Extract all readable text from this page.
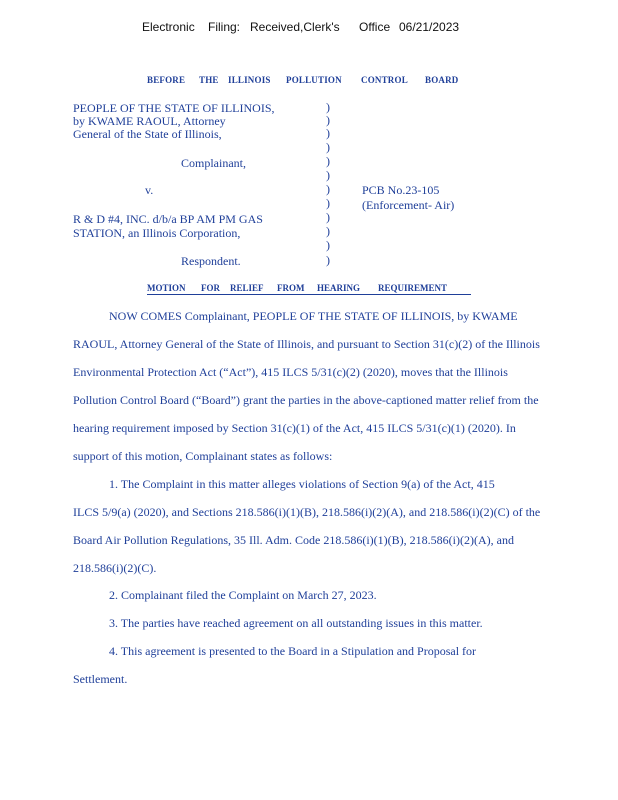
Electronic Filing: Received,Clerk's Office 06/21/2023
BEFORE THE ILLINOIS POLLUTION CONTROL BOARD
PEOPLE OF THE STATE OF ILLINOIS,
by KWAME RAOUL, Attorney
General of the State of Illinois,
Complainant,
v.	PCB No.23-105
(Enforcement- Air)
R & D #4, INC. d/b/a BP AM PM GAS
STATION, an Illinois Corporation,
Respondent.
)
)
)
)
)
)
)
)
)
)
)
)
MOTION FOR RELIEF FROM HEARING REQUIREMENT
NOW COMES Complainant, PEOPLE OF THE STATE OF ILLINOIS, by KWAME
RAOUL, Attorney General of the State of Illinois, and pursuant to Section 31(c)(2) of the Illinois
Environmental Protection Act (“Act”), 415 ILCS 5/31(c)(2) (2020), moves that the Illinois
Pollution Control Board (“Board”) grant the parties in the above-captioned matter relief from the
hearing requirement imposed by Section 31(c)(1) of the Act, 415 ILCS 5/31(c)(1) (2020). In
support of this motion, Complainant states as follows:
1. The Complaint in this matter alleges violations of Section 9(a) of the Act, 415
ILCS 5/9(a) (2020), and Sections 218.586(i)(1)(B), 218.586(i)(2)(A), and 218.586(i)(2)(C) of the
Board Air Pollution Regulations, 35 Ill. Adm. Code 218.586(i)(1)(B), 218.586(i)(2)(A), and
218.586(i)(2)(C).
2. Complainant filed the Complaint on March 27, 2023.
3. The parties have reached agreement on all outstanding issues in this matter.
4. This agreement is presented to the Board in a Stipulation and Proposal for
Settlement.
